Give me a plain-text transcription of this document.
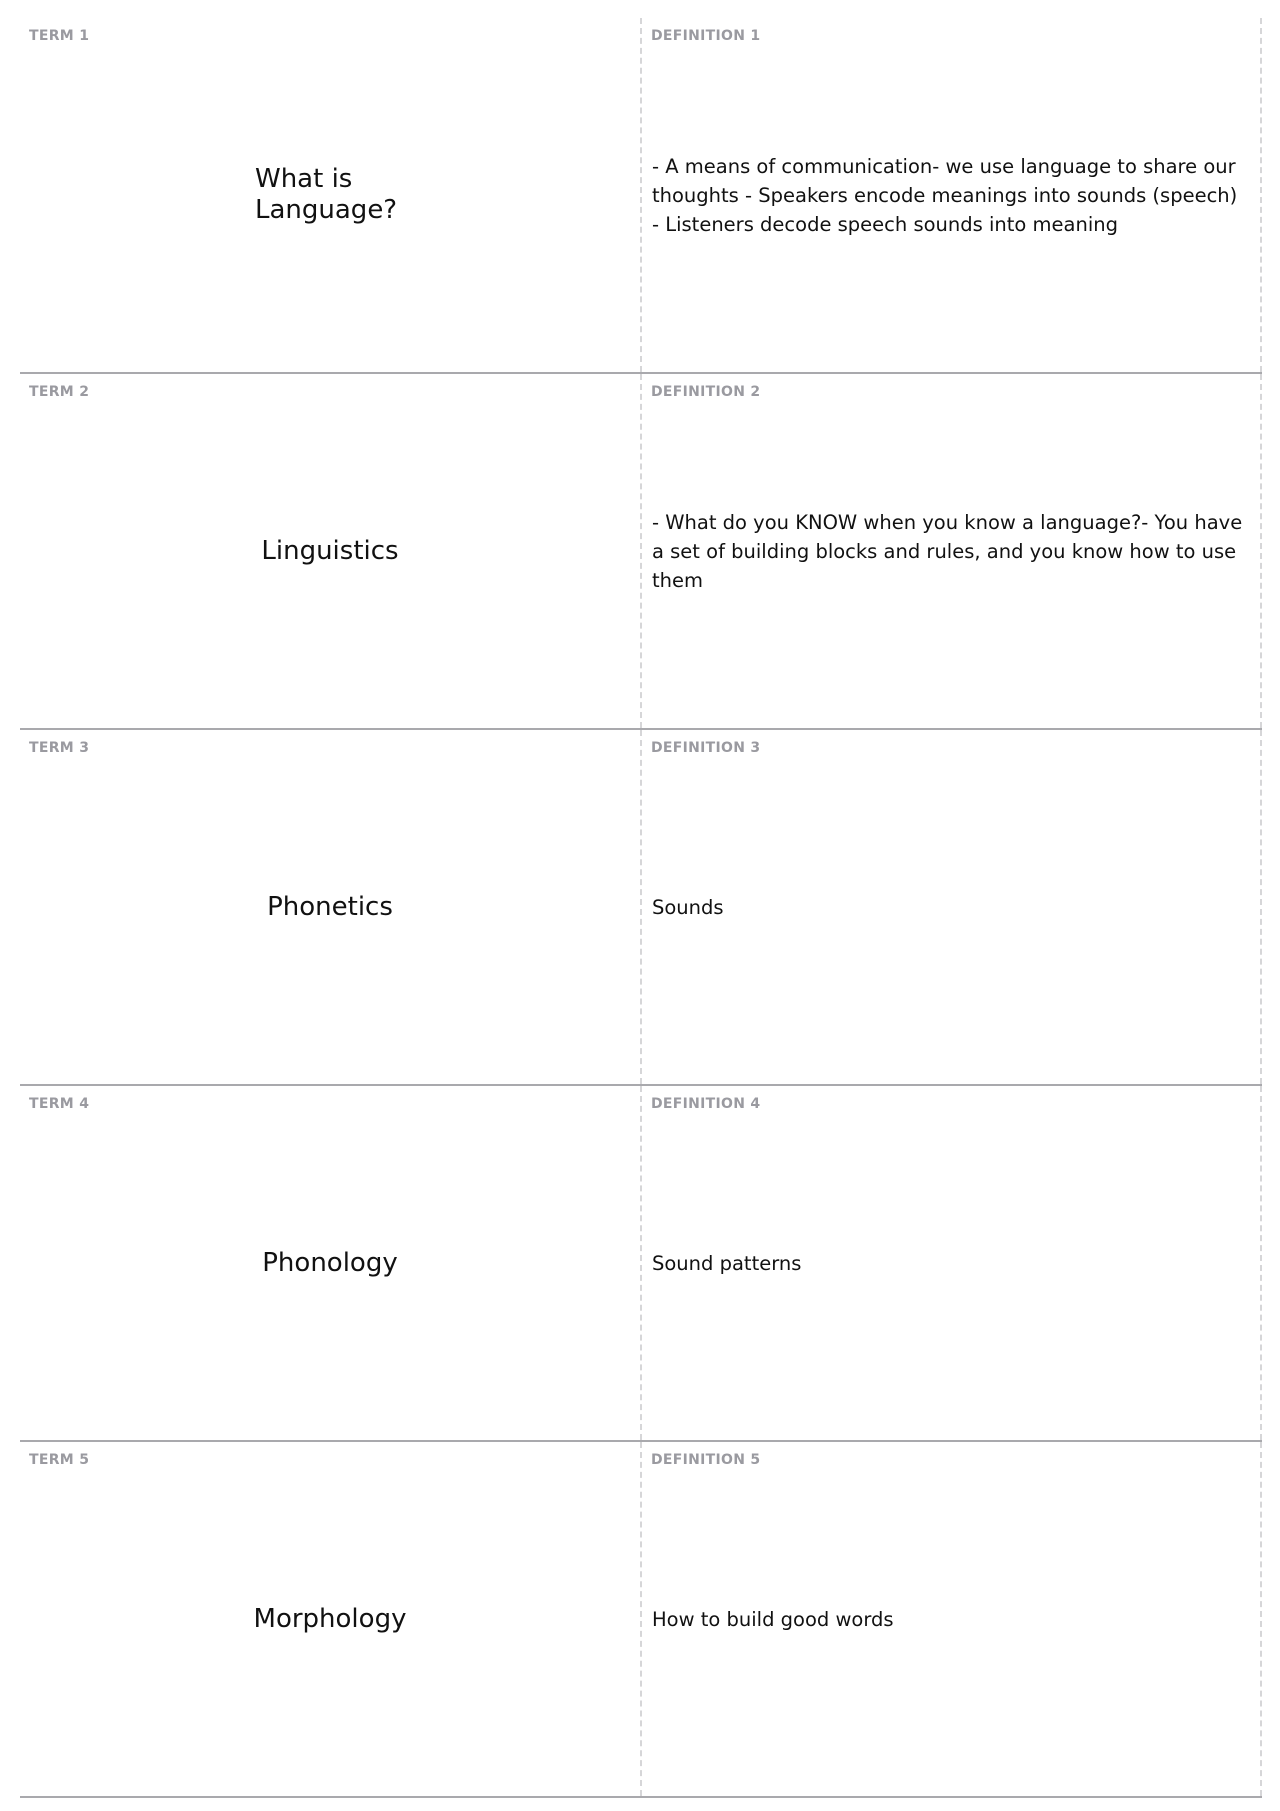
TERM 1
What is Language?
DEFINITION 1
- A means of communication- we use language to share our thoughts - Speakers encode meanings into sounds (speech) - Listeners decode speech sounds into meaning
TERM 2
Linguistics
DEFINITION 2
- What do you KNOW when you know a language?- You have a set of building blocks and rules, and you know how to use them
TERM 3
Phonetics
DEFINITION 3
Sounds
TERM 4
Phonology
DEFINITION 4
Sound patterns
TERM 5
Morphology
DEFINITION 5
How to build good words
